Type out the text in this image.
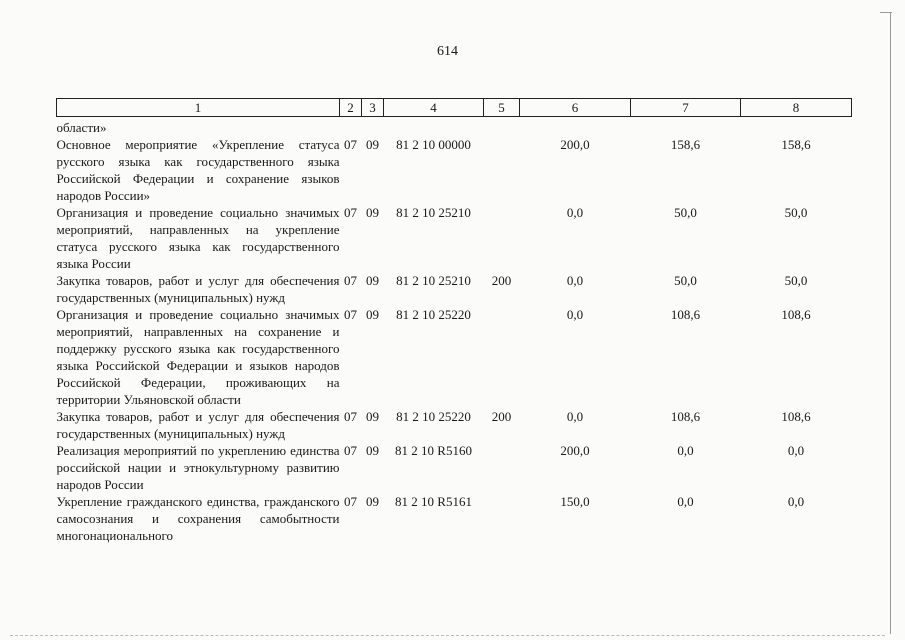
614
1	2	3	4	5	6	7	8
области»							
Основное мероприятие «Укрепление статуса русского языка как государственного языка Российской Федерации и сохранение языков народов России»	07	09	81 2 10 00000		200,0	158,6	158,6
Организация и проведение социально значимых мероприятий, направленных на укрепление статуса русского языка как государственного языка России	07	09	81 2 10 25210		0,0	50,0	50,0
Закупка товаров, работ и услуг для обеспечения государственных (муниципальных) нужд	07	09	81 2 10 25210	200	0,0	50,0	50,0
Организация и проведение социально значимых мероприятий, направленных на сохранение и поддержку русского языка как государственного языка Российской Федерации и языков народов Российской Федерации, проживающих на территории Ульяновской области	07	09	81 2 10 25220		0,0	108,6	108,6
Закупка товаров, работ и услуг для обеспечения государственных (муниципальных) нужд	07	09	81 2 10 25220	200	0,0	108,6	108,6
Реализация мероприятий по укреплению единства российской нации и этнокультурному развитию народов России	07	09	81 2 10 R5160		200,0	0,0	0,0
Укрепление гражданского единства, гражданского самосознания и сохранения самобытности многонационального	07	09	81 2 10 R5161		150,0	0,0	0,0
